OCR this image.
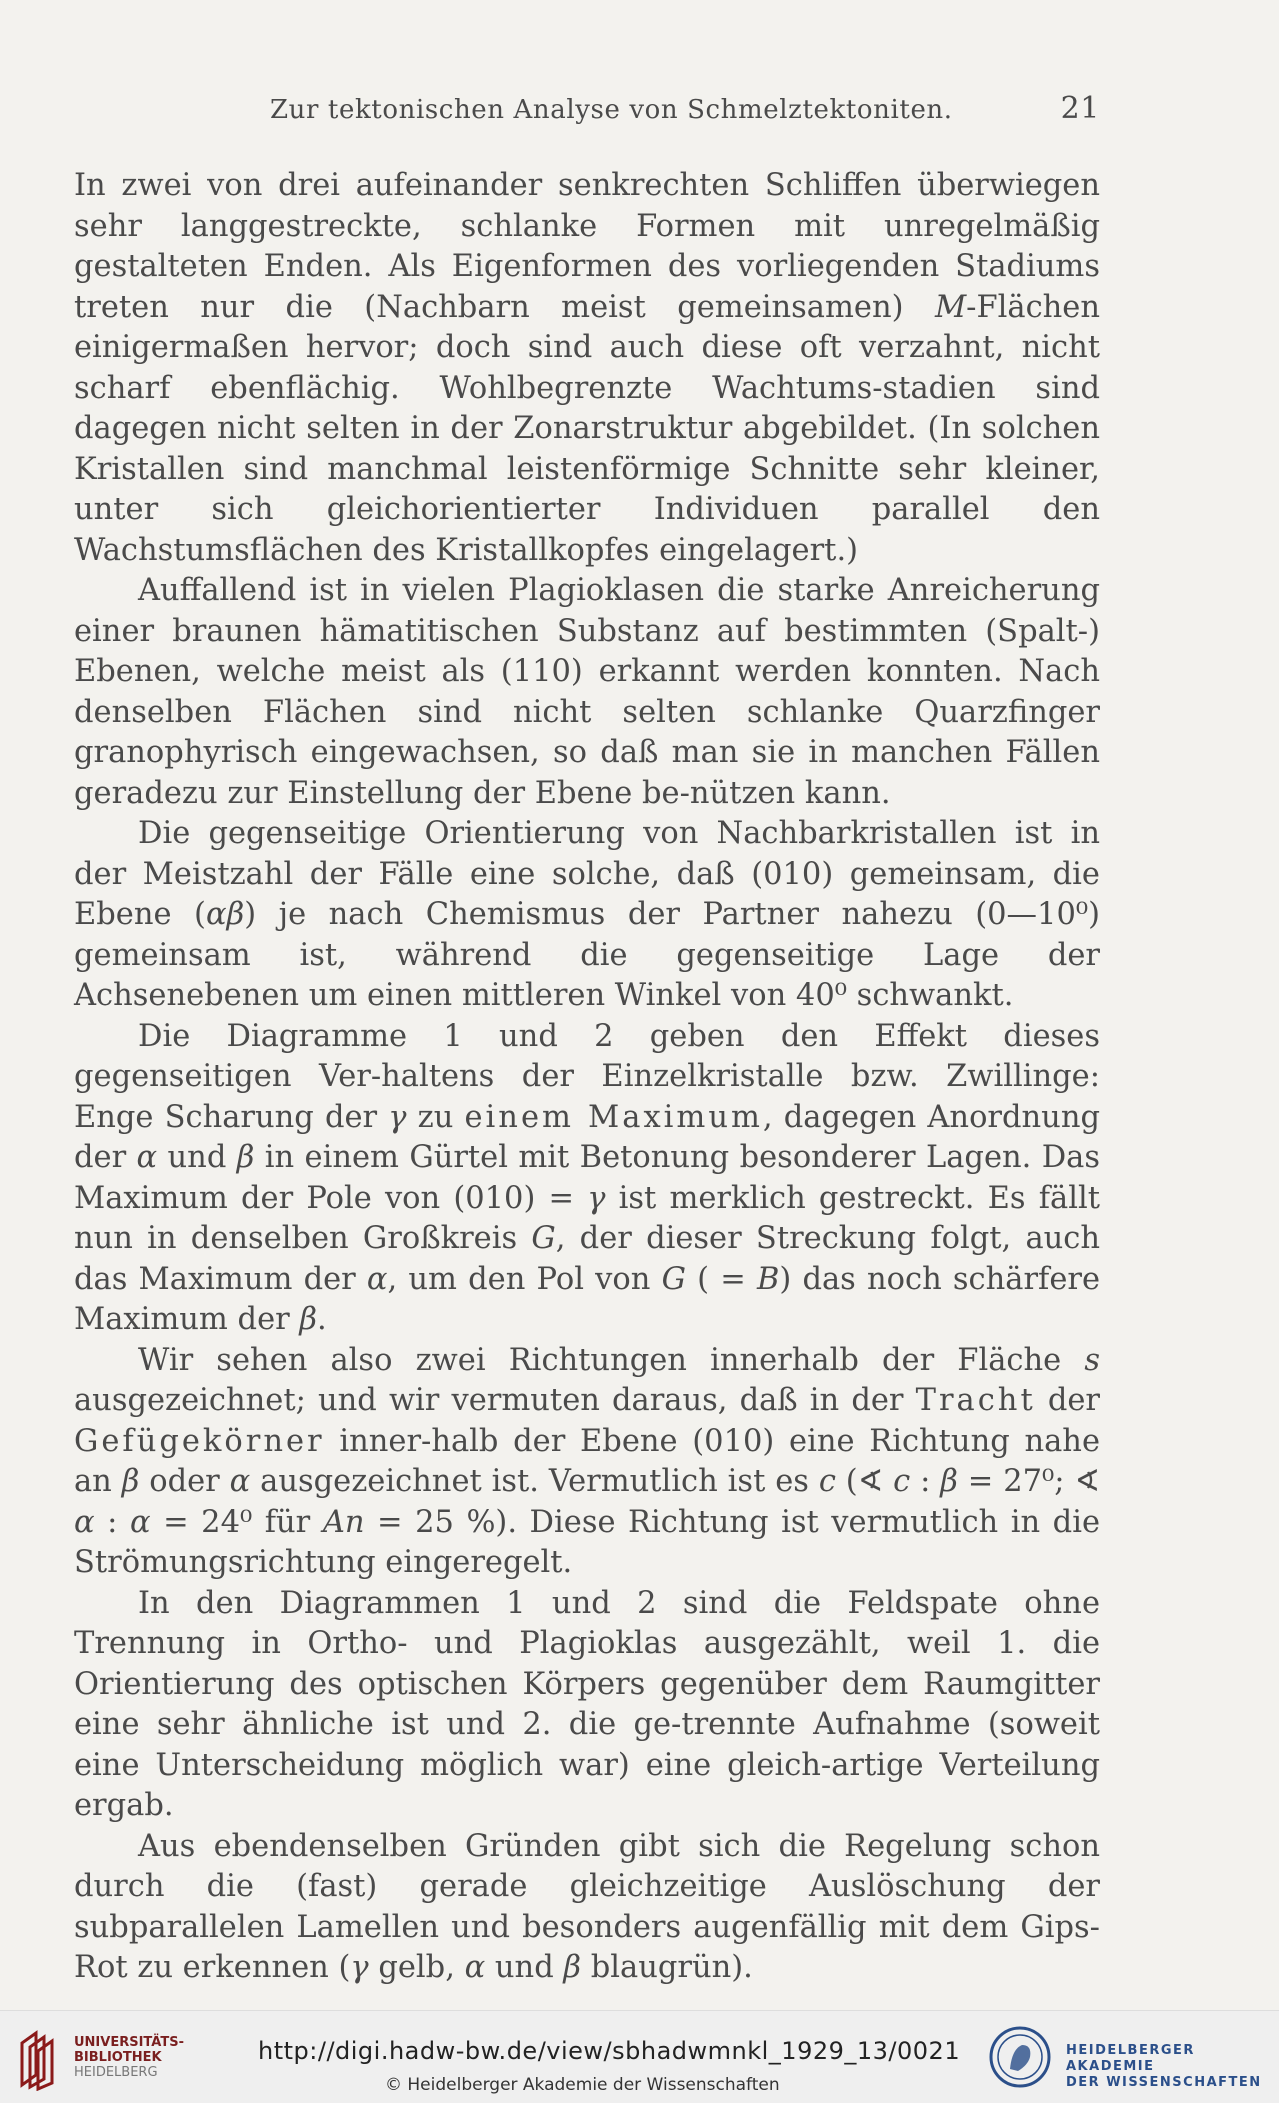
Zur tektonischen Analyse von Schmelztektoniten.	21

In zwei von drei aufeinander senkrechten Schliffen überwiegen sehr langgestreckte, schlanke Formen mit unregelmäßig gestalteten Enden. Als Eigenformen des vorliegenden Stadiums treten nur die (Nachbarn meist gemeinsamen) M-Flächen einigermaßen hervor; doch sind auch diese oft verzahnt, nicht scharf ebenflächig. Wohlbegrenzte Wachtums-stadien sind dagegen nicht selten in der Zonarstruktur abgebildet. (In solchen Kristallen sind manchmal leistenförmige Schnitte sehr kleiner, unter sich gleichorientierter Individuen parallel den Wachstumsflächen des Kristallkopfes eingelagert.)

Auffallend ist in vielen Plagioklasen die starke Anreicherung einer braunen hämatitischen Substanz auf bestimmten (Spalt-) Ebenen, welche meist als (110) erkannt werden konnten. Nach denselben Flächen sind nicht selten schlanke Quarzfinger granophyrisch eingewachsen, so daß man sie in manchen Fällen geradezu zur Einstellung der Ebene be-nützen kann.

Die gegenseitige Orientierung von Nachbarkristallen ist in der Meistzahl der Fälle eine solche, daß (010) gemeinsam, die Ebene (αβ) je nach Chemismus der Partner nahezu (0—10⁰) gemeinsam ist, während die gegenseitige Lage der Achsenebenen um einen mittleren Winkel von 40⁰ schwankt.

Die Diagramme 1 und 2 geben den Effekt dieses gegenseitigen Ver-haltens der Einzelkristalle bzw. Zwillinge: Enge Scharung der γ zu einem Maximum, dagegen Anordnung der α und β in einem Gürtel mit Betonung besonderer Lagen. Das Maximum der Pole von (010) = γ ist merklich gestreckt. Es fällt nun in denselben Großkreis G, der dieser Streckung folgt, auch das Maximum der α, um den Pol von G ( = B) das noch schärfere Maximum der β.

Wir sehen also zwei Richtungen innerhalb der Fläche s ausgezeichnet; und wir vermuten daraus, daß in der Tracht der Gefügekörner inner-halb der Ebene (010) eine Richtung nahe an β oder α ausgezeichnet ist. Vermutlich ist es c (∢ c : β = 27⁰; ∢ α : α = 24⁰ für An = 25 %). Diese Richtung ist vermutlich in die Strömungsrichtung eingeregelt.

In den Diagrammen 1 und 2 sind die Feldspate ohne Trennung in Ortho- und Plagioklas ausgezählt, weil 1. die Orientierung des optischen Körpers gegenüber dem Raumgitter eine sehr ähnliche ist und 2. die ge-trennte Aufnahme (soweit eine Unterscheidung möglich war) eine gleich-artige Verteilung ergab.

Aus ebendenselben Gründen gibt sich die Regelung schon durch die (fast) gerade gleichzeitige Auslöschung der subparallelen Lamellen und besonders augenfällig mit dem Gips-Rot zu erkennen (γ gelb, α und β blaugrün).

UNIVERSITÄTS-
BIBLIOTHEK
HEIDELBERG
http://digi.hadw-bw.de/view/sbhadwmnkl_1929_13/0021
© Heidelberger Akademie der Wissenschaften
HEIDELBERGER AKADEMIE
DER WISSENSCHAFTEN
